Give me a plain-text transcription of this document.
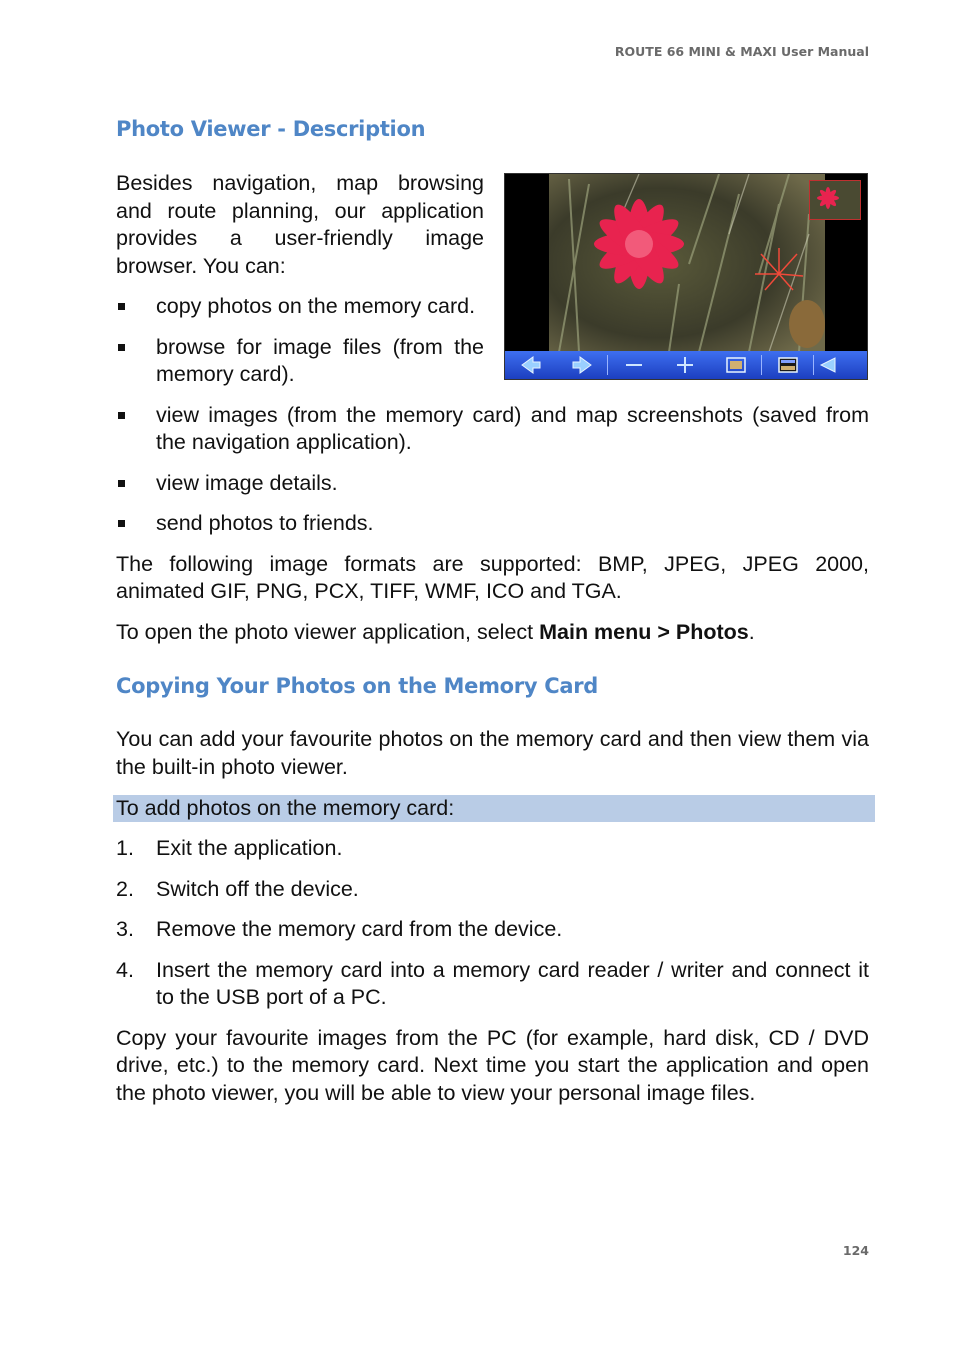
ROUTE 66 MINI & MAXI User Manual
Photo Viewer - Description

Besides navigation, map browsing and route planning, our application provides a user-friendly image browser. You can:

copy photos on the memory card.
browse for image files (from the memory card).
view images (from the memory card) and map screenshots (saved from the navigation application).
view image details.
send photos to friends.

The following image formats are supported: BMP, JPEG, JPEG 2000, animated GIF, PNG, PCX, TIFF, WMF, ICO and TGA.

To open the photo viewer application, select Main menu > Photos.

Copying Your Photos on the Memory Card

You can add your favourite photos on the memory card and then view them via the built-in photo viewer.

To add photos on the memory card:
1. Exit the application.
2. Switch off the device.
3. Remove the memory card from the device.
4. Insert the memory card into a memory card reader / writer and connect it to the USB port of a PC.

Copy your favourite images from the PC (for example, hard disk, CD / DVD drive, etc.) to the memory card. Next time you start the application and open the photo viewer, you will be able to view your personal image files.

124
